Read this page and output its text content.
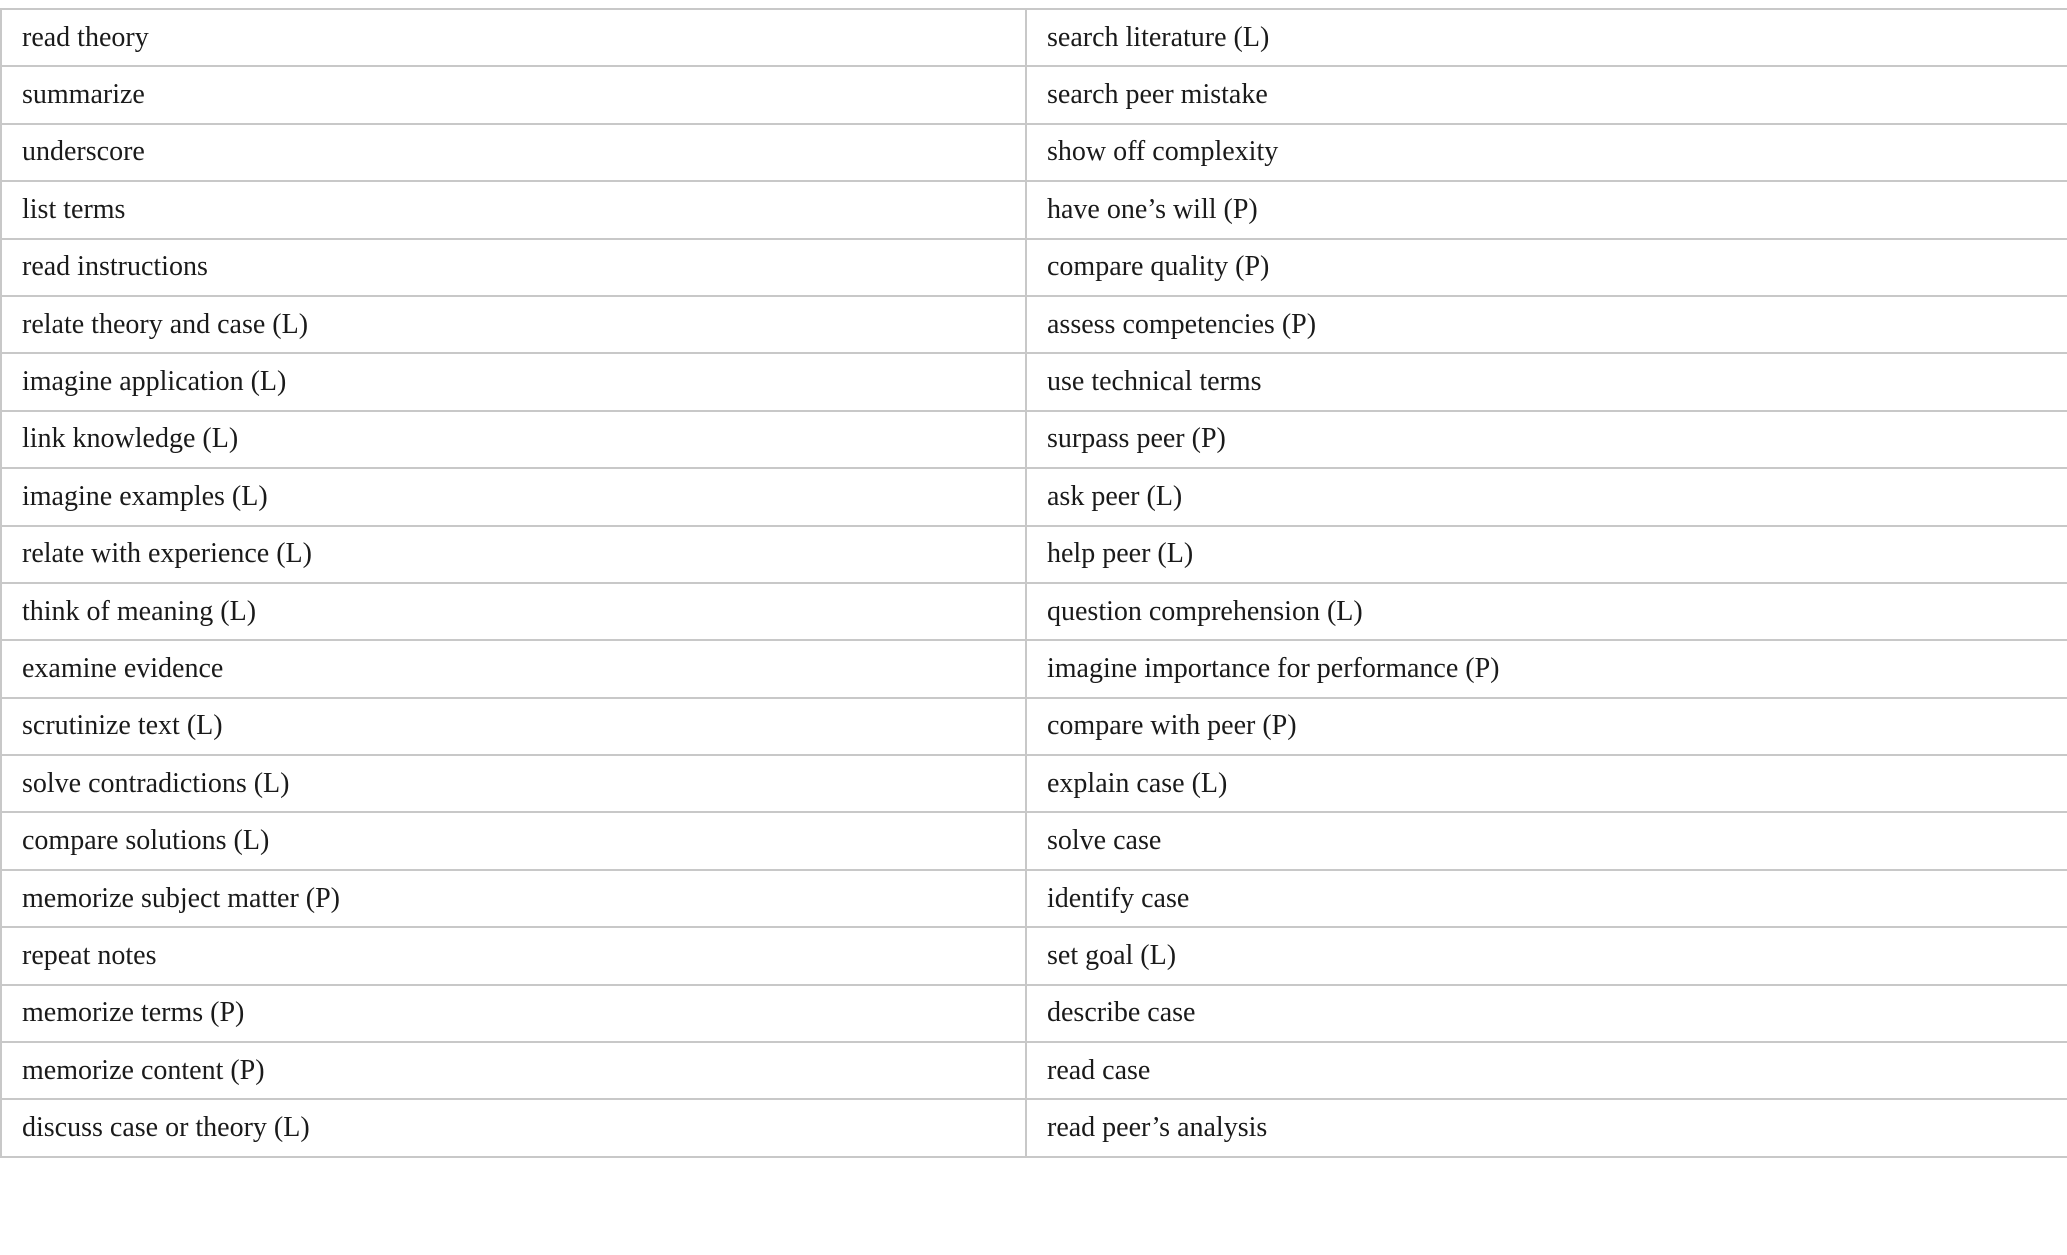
read theory	search literature (L)
summarize	search peer mistake
underscore	show off complexity
list terms	have one’s will (P)
read instructions	compare quality (P)
relate theory and case (L)	assess competencies (P)
imagine application (L)	use technical terms
link knowledge (L)	surpass peer (P)
imagine examples (L)	ask peer (L)
relate with experience (L)	help peer (L)
think of meaning (L)	question comprehension (L)
examine evidence	imagine importance for performance (P)
scrutinize text (L)	compare with peer (P)
solve contradictions (L)	explain case (L)
compare solutions (L)	solve case
memorize subject matter (P)	identify case
repeat notes	set goal (L)
memorize terms (P)	describe case
memorize content (P)	read case
discuss case or theory (L)	read peer’s analysis
